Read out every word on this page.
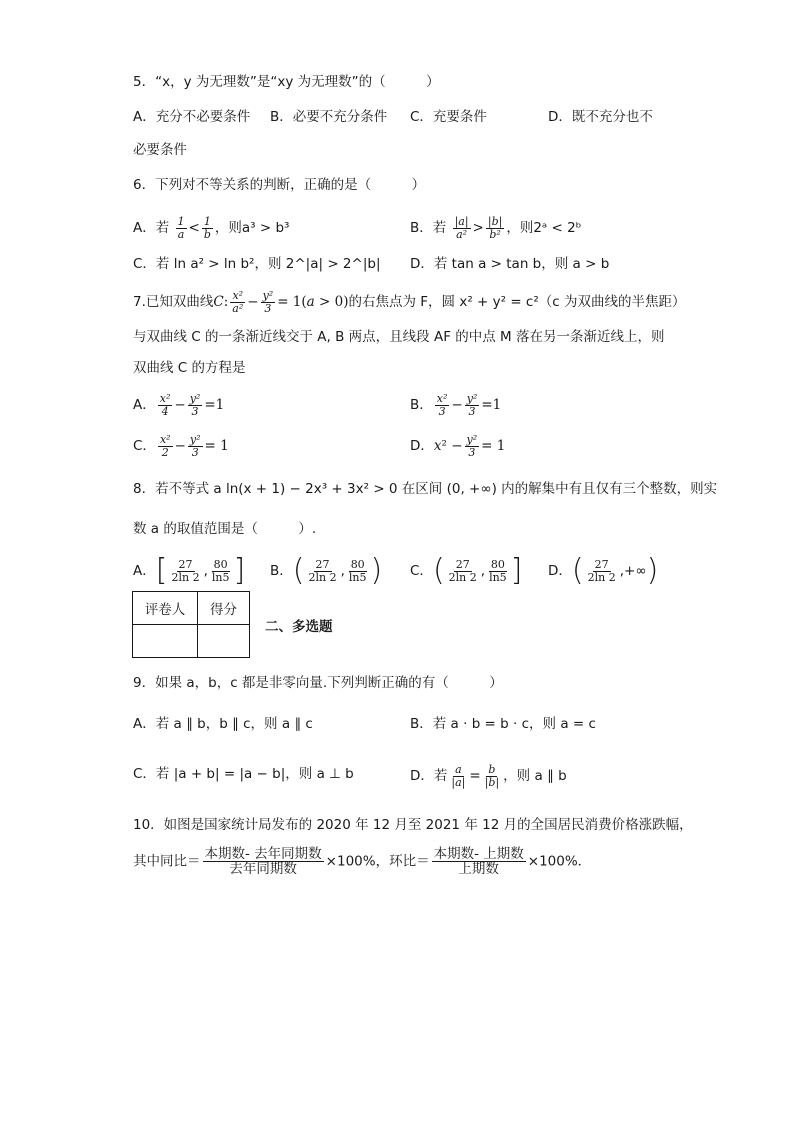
5．“x，y 为无理数”是“xy 为无理数”的（　　　）
A．充分不必要条件 B．必要不充分条件 C．充要条件	D．既不充分也不
必要条件
6．下列对不等关系的判断，正确的是（　　　）
A．若 $\frac{1}{a} < \frac{1}{b}$ ，则a³ > b³	B．若 $\frac{|a|}{\text{a²}} > \frac{|b|}{\text{b²}}$ ，则2ᵃ < 2ᵇ
C．若 ln a² > ln b²，则 2^|a| > 2^|b| D．若 tan a > tan b，则 a > b
7.已知双曲线C: $\frac{\text{x²}}{\text{a²}} - \frac{\text{y²}}{3} = 1(a > 0)$的右焦点为 F，圆 x² + y² = c²（c 为双曲线的半焦距）
与双曲线 C 的一条渐近线交于 A, B 两点，且线段 AF 的中点 M 落在另一条渐近线上，则
双曲线 C 的方程是
A． $\frac{\text{x²}}{4} - \frac{\text{y²}}{3} =1$	B． $\frac{\text{x²}}{3} - \frac{\text{y²}}{3} =1$
C． $\frac{\text{x²}}{2} - \frac{\text{y²}}{3} = 1$	D．$x^2 - \frac{\text{y²}}{3} = 1$
8．若不等式 a ln(x + 1) − 2x³ + 3x² > 0 在区间 (0, +∞) 内的解集中有且仅有三个整数，则实
数 a 的取值范围是（　　　）.
A．[ $\frac{27}{2\ln 2}$ , $\frac{80}{\ln 5}$ ] B．( $\frac{27}{2\ln 2}$ , $\frac{80}{\ln 5}$ ) C．( $\frac{27}{2\ln 2}$ , $\frac{80}{\ln 5}$ ] D．( $\frac{27}{2\ln 2}$ ,+∞)
评卷人	得分

二、多选题
9．如果 a，b，c 都是非零向量.下列判断正确的有（　　　）
A．若 a ∥ b，b ∥ c，则 a ∥ c	B．若 a · b = b · c，则 a = c
C．若 |a + b| = |a − b|，则 a ⊥ b	D．若 $\frac{a}{|a|} = \frac{b}{|b|}$ ，则 a ∥ b
10．如图是国家统计局发布的 2020 年 12 月至 2021 年 12 月的全国居民消费价格涨跌幅，
其中同比＝ $\frac{\text{本期数- 去年同期数}}{\text{去年同期数}} \times 100\%$，环比＝ $\frac{\text{本期数- 上期数}}{\text{上期数}} \times 100\%$．
